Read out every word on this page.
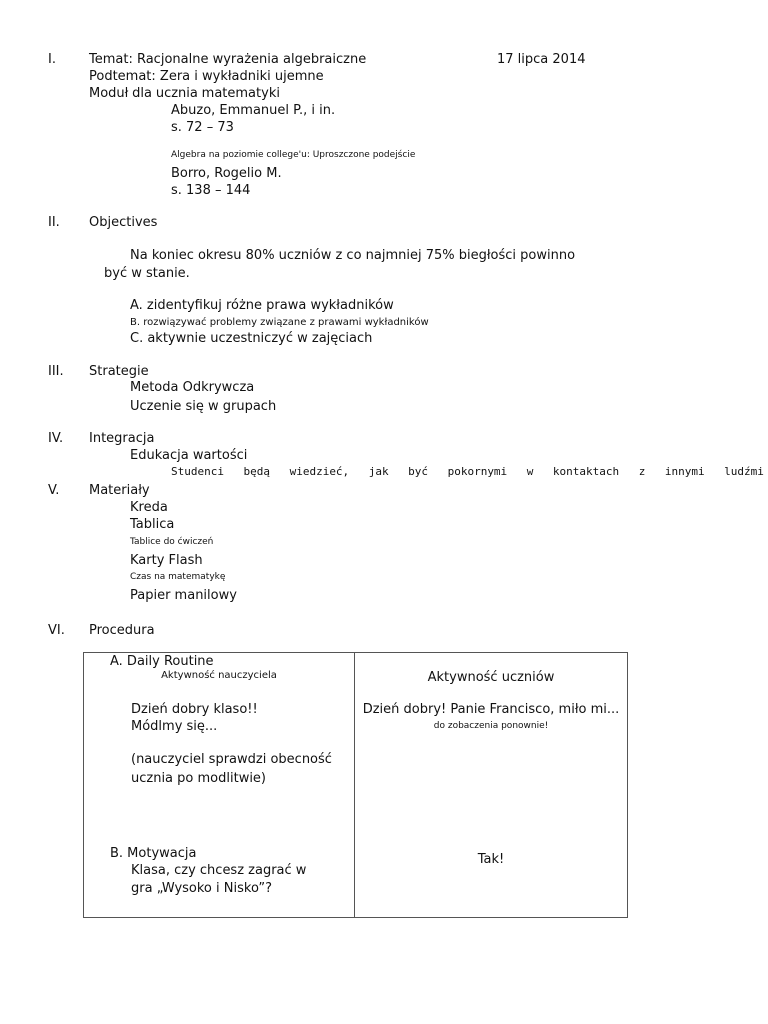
I.	Temat: Racjonalne wyrażenia algebraiczne	17 lipca 2014
Podtemat: Zera i wykładniki ujemne
Moduł dla ucznia matematyki
Abuzo, Emmanuel P., i in.
s. 72 – 73
Algebra na poziomie college'u: Uproszczone podejście
Borro, Rogelio M.
s. 138 – 144
II. Objectives
Na koniec okresu 80% uczniów z co najmniej 75% biegłości powinno
być w stanie.
A. zidentyfikuj różne prawa wykładników
B. rozwiązywać problemy związane z prawami wykładników
C. aktywnie uczestniczyć w zajęciach
III. Strategie
Metoda Odkrywcza
Uczenie się w grupach
IV. Integracja
Edukacja wartości
Studenci będą wiedzieć, jak być pokornymi w kontaktach z innymi ludźmi
V. Materiały
Kreda
Tablica
Tablice do ćwiczeń
Karty Flash
Czas na matematykę
Papier manilowy
VI. Procedura
A. Daily Routine
Aktywność nauczyciela
Dzień dobry klaso!!
Módlmy się...
(nauczyciel sprawdzi obecność
ucznia po modlitwie)
B. Motywacja
Klasa, czy chcesz zagrać w
gra „Wysoko i Nisko”?
Aktywność uczniów
Dzień dobry! Panie Francisco, miło mi...
do zobaczenia ponownie!
Tak!
